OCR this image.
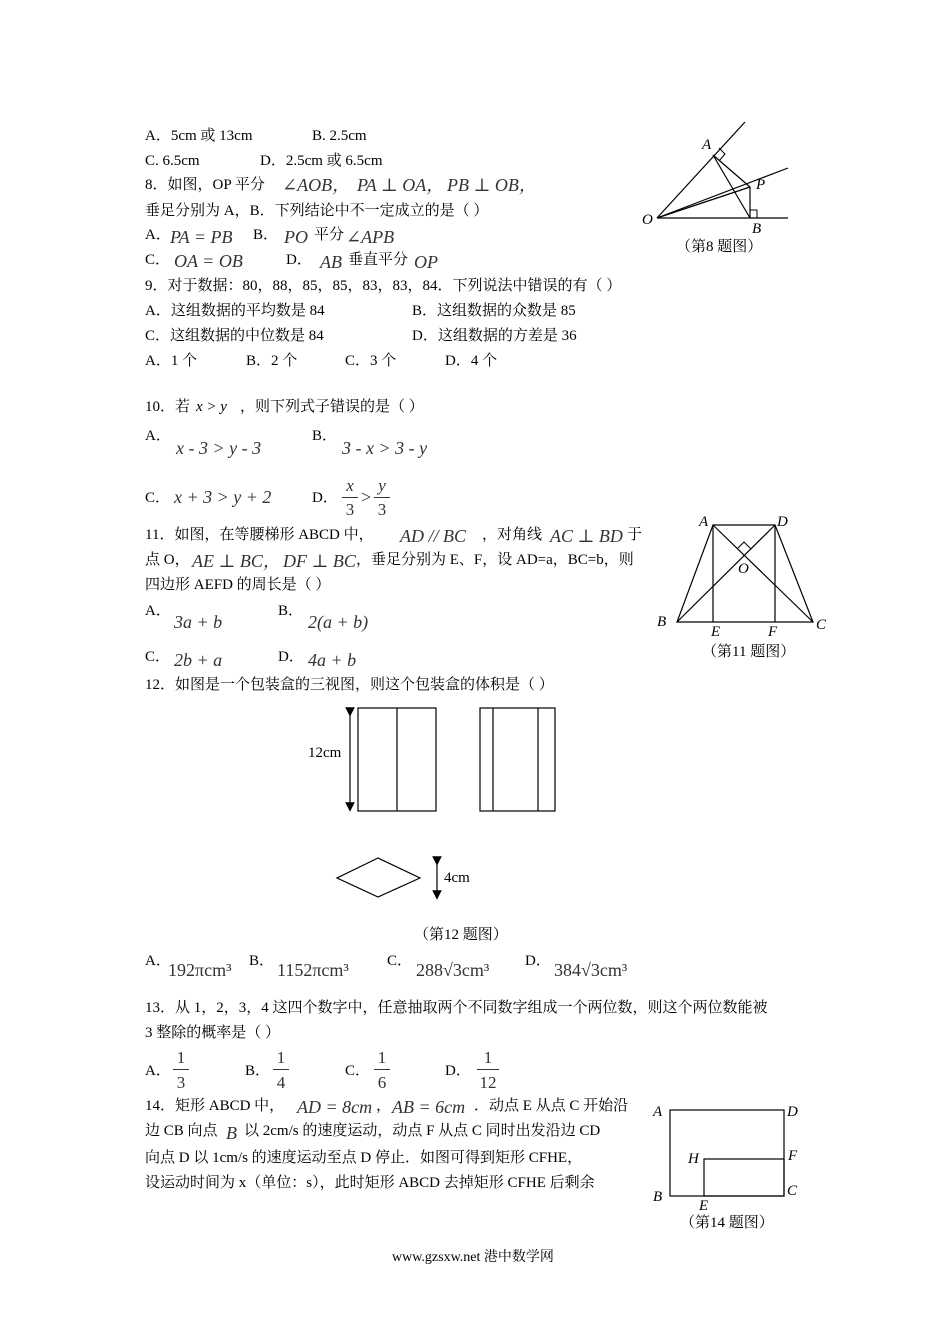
A．5cm 或 13cm	B. 2.5cm
C. 6.5cm	D．2.5cm 或 6.5cm
8．如图，OP 平分 ∠AOB， PA ⊥ OA， PB ⊥ OB，
垂足分别为 A，B．下列结论中不一定成立的是（ ）
A． PA = PB B． PO 平分 ∠APB
C． OA = OB	D． AB 垂直平分 OP
A
O
P
B
（第8 题图）
9．对于数据：80，88，85，85，83，83，84．下列说法中错误的有（ ）
A．这组数据的平均数是 84	B．这组数据的众数是 85
C．这组数据的中位数是 84	D．这组数据的方差是 36
A．1 个	B．2 个	C．3 个	D．4 个
10．若 x > y ，则下列式子错误的是（ ）
A．
x - 3 > y - 3
B．
3 - x > 3 - y
C． x + 3 > y + 2	D．
x
3
>
y
3
11．如图，在等腰梯形 ABCD 中， AD // BC ，对角线 AC ⊥ BD 于
点 O， AE ⊥ BC， DF ⊥ BC ，垂足分别为 E、F，设 AD=a，BC=b，则
四边形 AEFD 的周长是（ ）
A．
3a + b
B．
2(a + b)
C． 2b + a	D． 4a + b
A	D
O
B
E	F	C
（第11 题图）
12．如图是一个包装盒的三视图，则这个包装盒的体积是（ ）
12cm
4cm
（第12 题图）
A．
192πcm³ B． 1152πcm³	C． 288√3cm³ D． 384√3cm³
13．从 1，2，3，4 这四个数字中，任意抽取两个不同数字组成一个两位数，则这个两位数能被
3 整除的概率是（ ）
A．
1
3
B．
1
4
C．
1
6
D．
1
12
14．矩形 ABCD 中， AD = 8cm ， AB = 6cm ．动点 E 从点 C 开始沿
边 CB 向点 B 以 2cm/s 的速度运动，动点 F 从点 C 同时出发沿边 CD
向点 D 以 1cm/s 的速度运动至点 D 停止．如图可得到矩形 CFHE，
设运动时间为 x（单位：s），此时矩形 ABCD 去掉矩形 CFHE 后剩余
A	D
H	F
B
E
C
（第14 题图）
www.gzsxw.net 港中数学网
